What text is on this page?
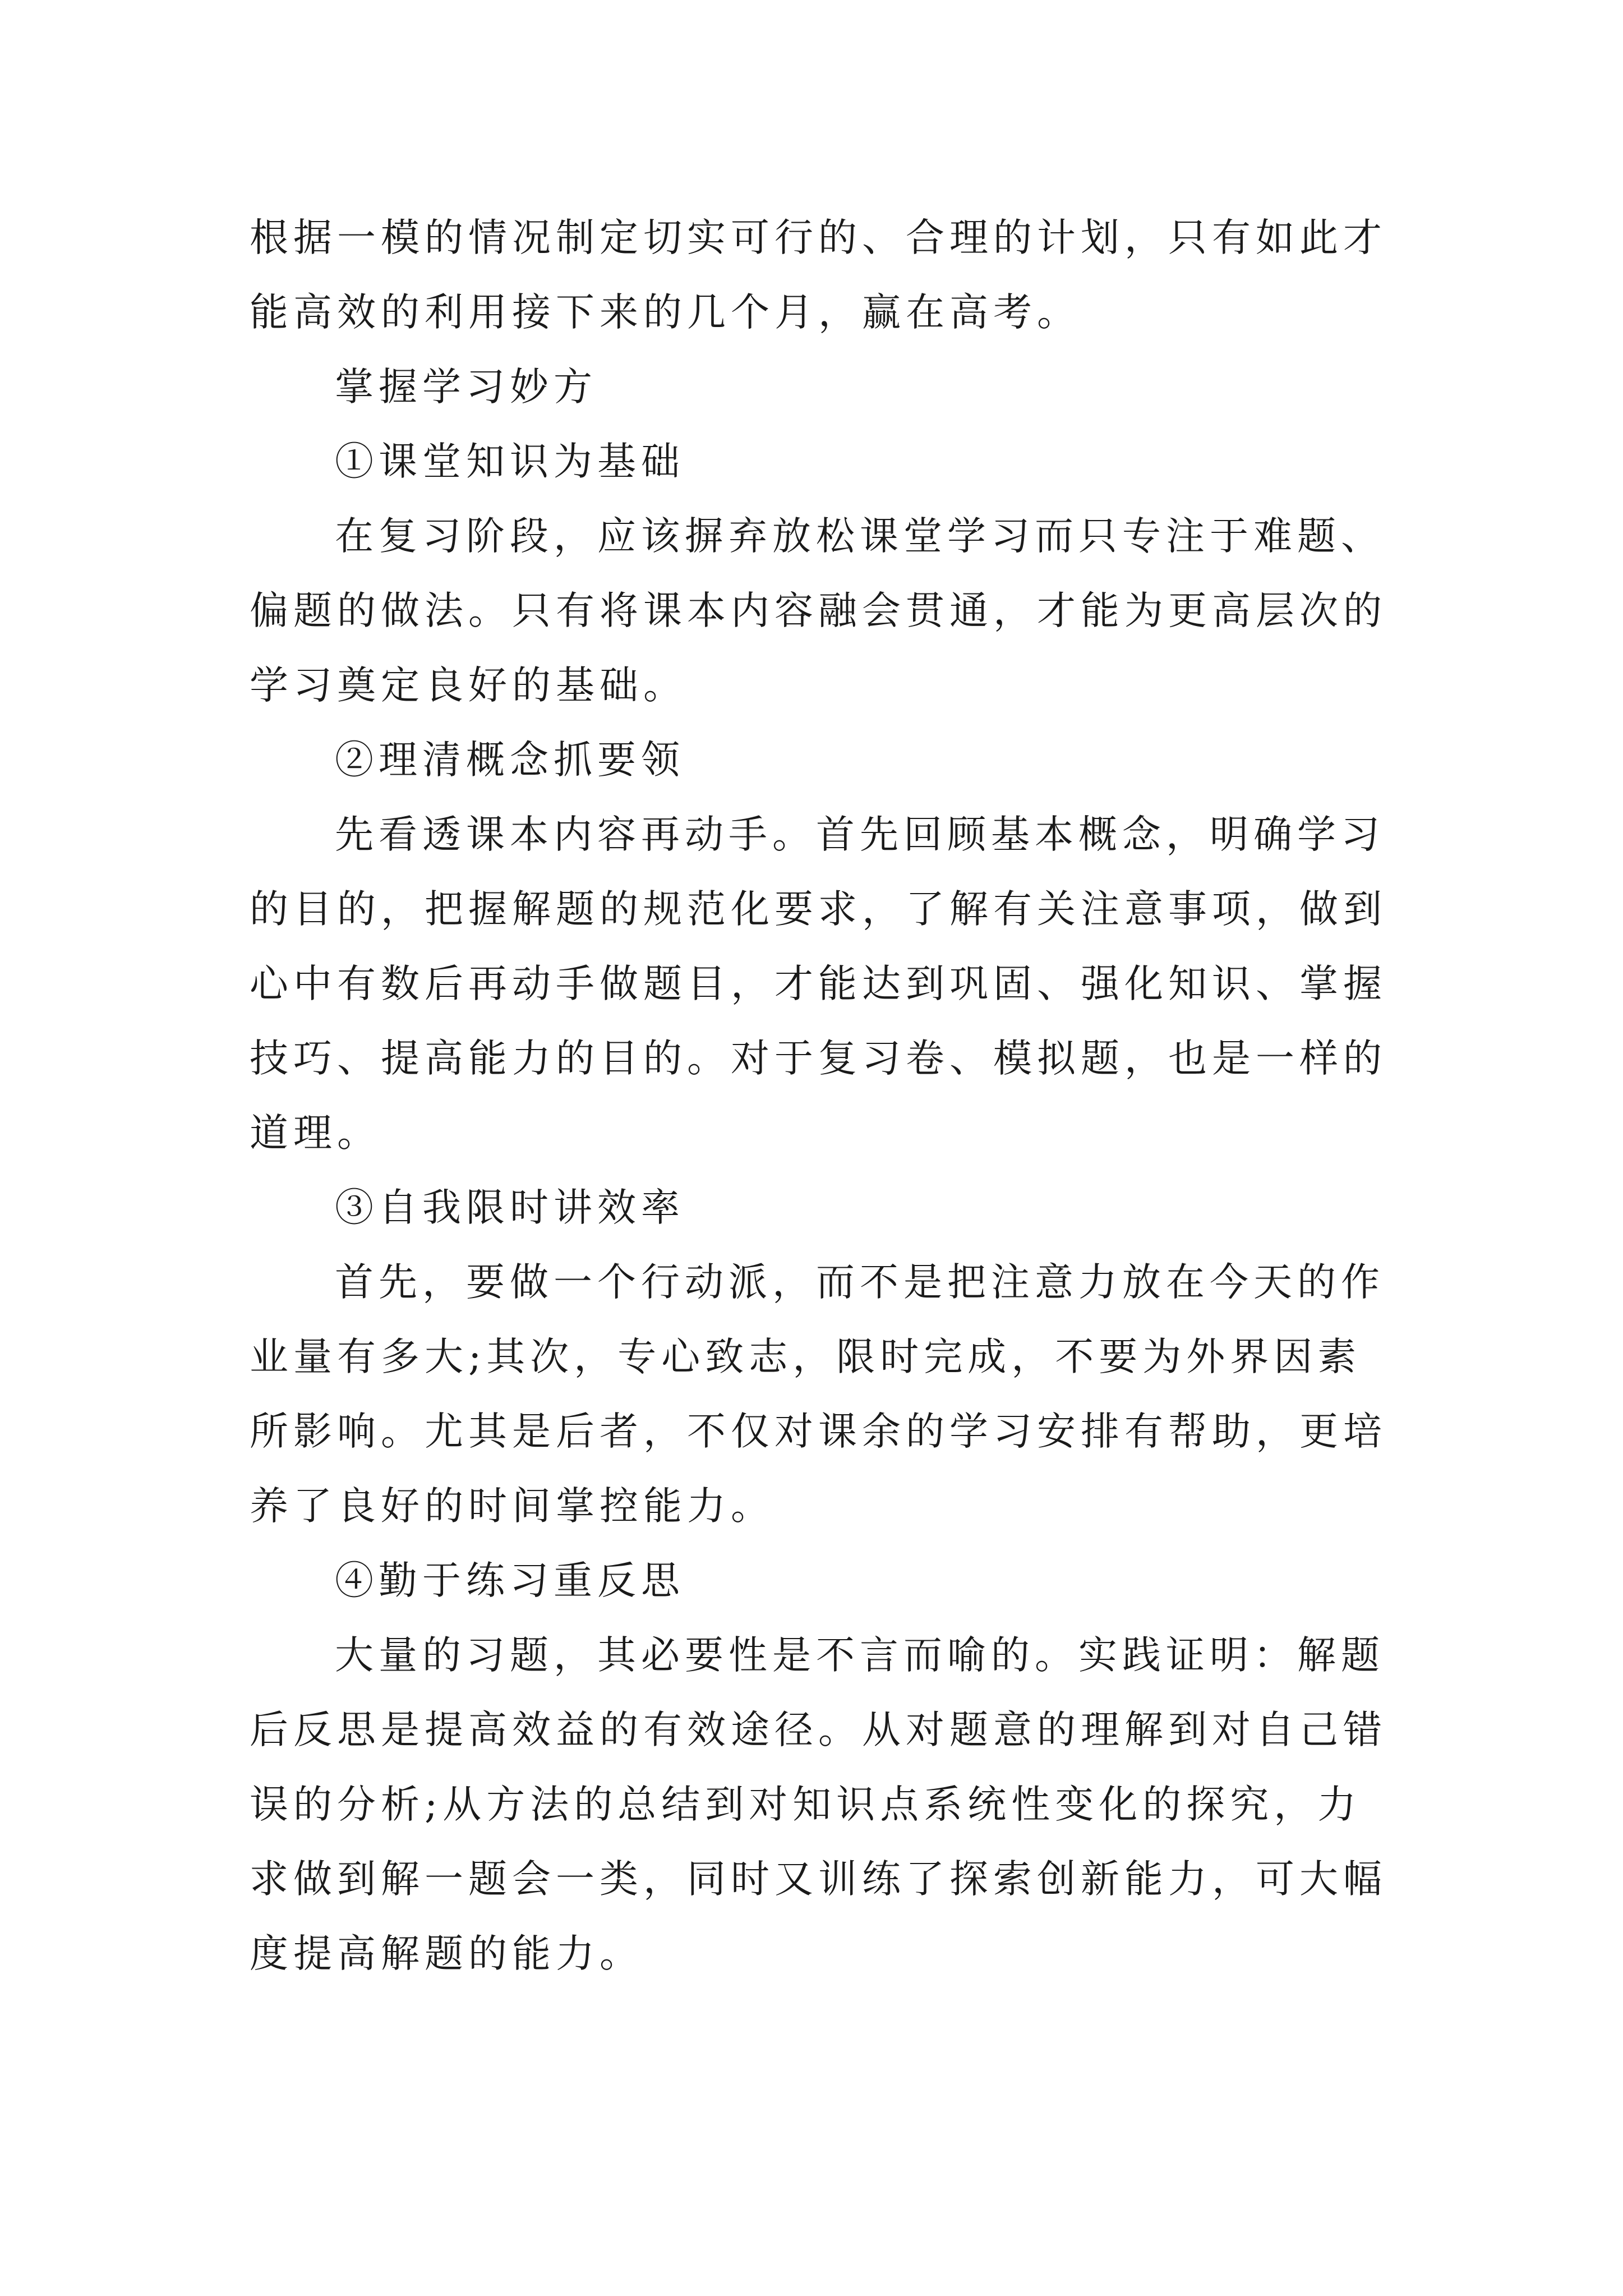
根据一模的情况制定切实可行的、合理的计划，只有如此才
能高效的利用接下来的几个月，赢在高考。
掌握学习妙方
①课堂知识为基础
在复习阶段，应该摒弃放松课堂学习而只专注于难题、
偏题的做法。只有将课本内容融会贯通，才能为更高层次的
学习奠定良好的基础。
②理清概念抓要领
先看透课本内容再动手。首先回顾基本概念，明确学习
的目的，把握解题的规范化要求，了解有关注意事项，做到
心中有数后再动手做题目，才能达到巩固、强化知识、掌握
技巧、提高能力的目的。对于复习卷、模拟题，也是一样的
道理。
③自我限时讲效率
首先，要做一个行动派，而不是把注意力放在今天的作
业量有多大;其次，专心致志，限时完成，不要为外界因素
所影响。尤其是后者，不仅对课余的学习安排有帮助，更培
养了良好的时间掌控能力。
④勤于练习重反思
大量的习题，其必要性是不言而喻的。实践证明：解题
后反思是提高效益的有效途径。从对题意的理解到对自己错
误的分析;从方法的总结到对知识点系统性变化的探究，力
求做到解一题会一类，同时又训练了探索创新能力，可大幅
度提高解题的能力。
